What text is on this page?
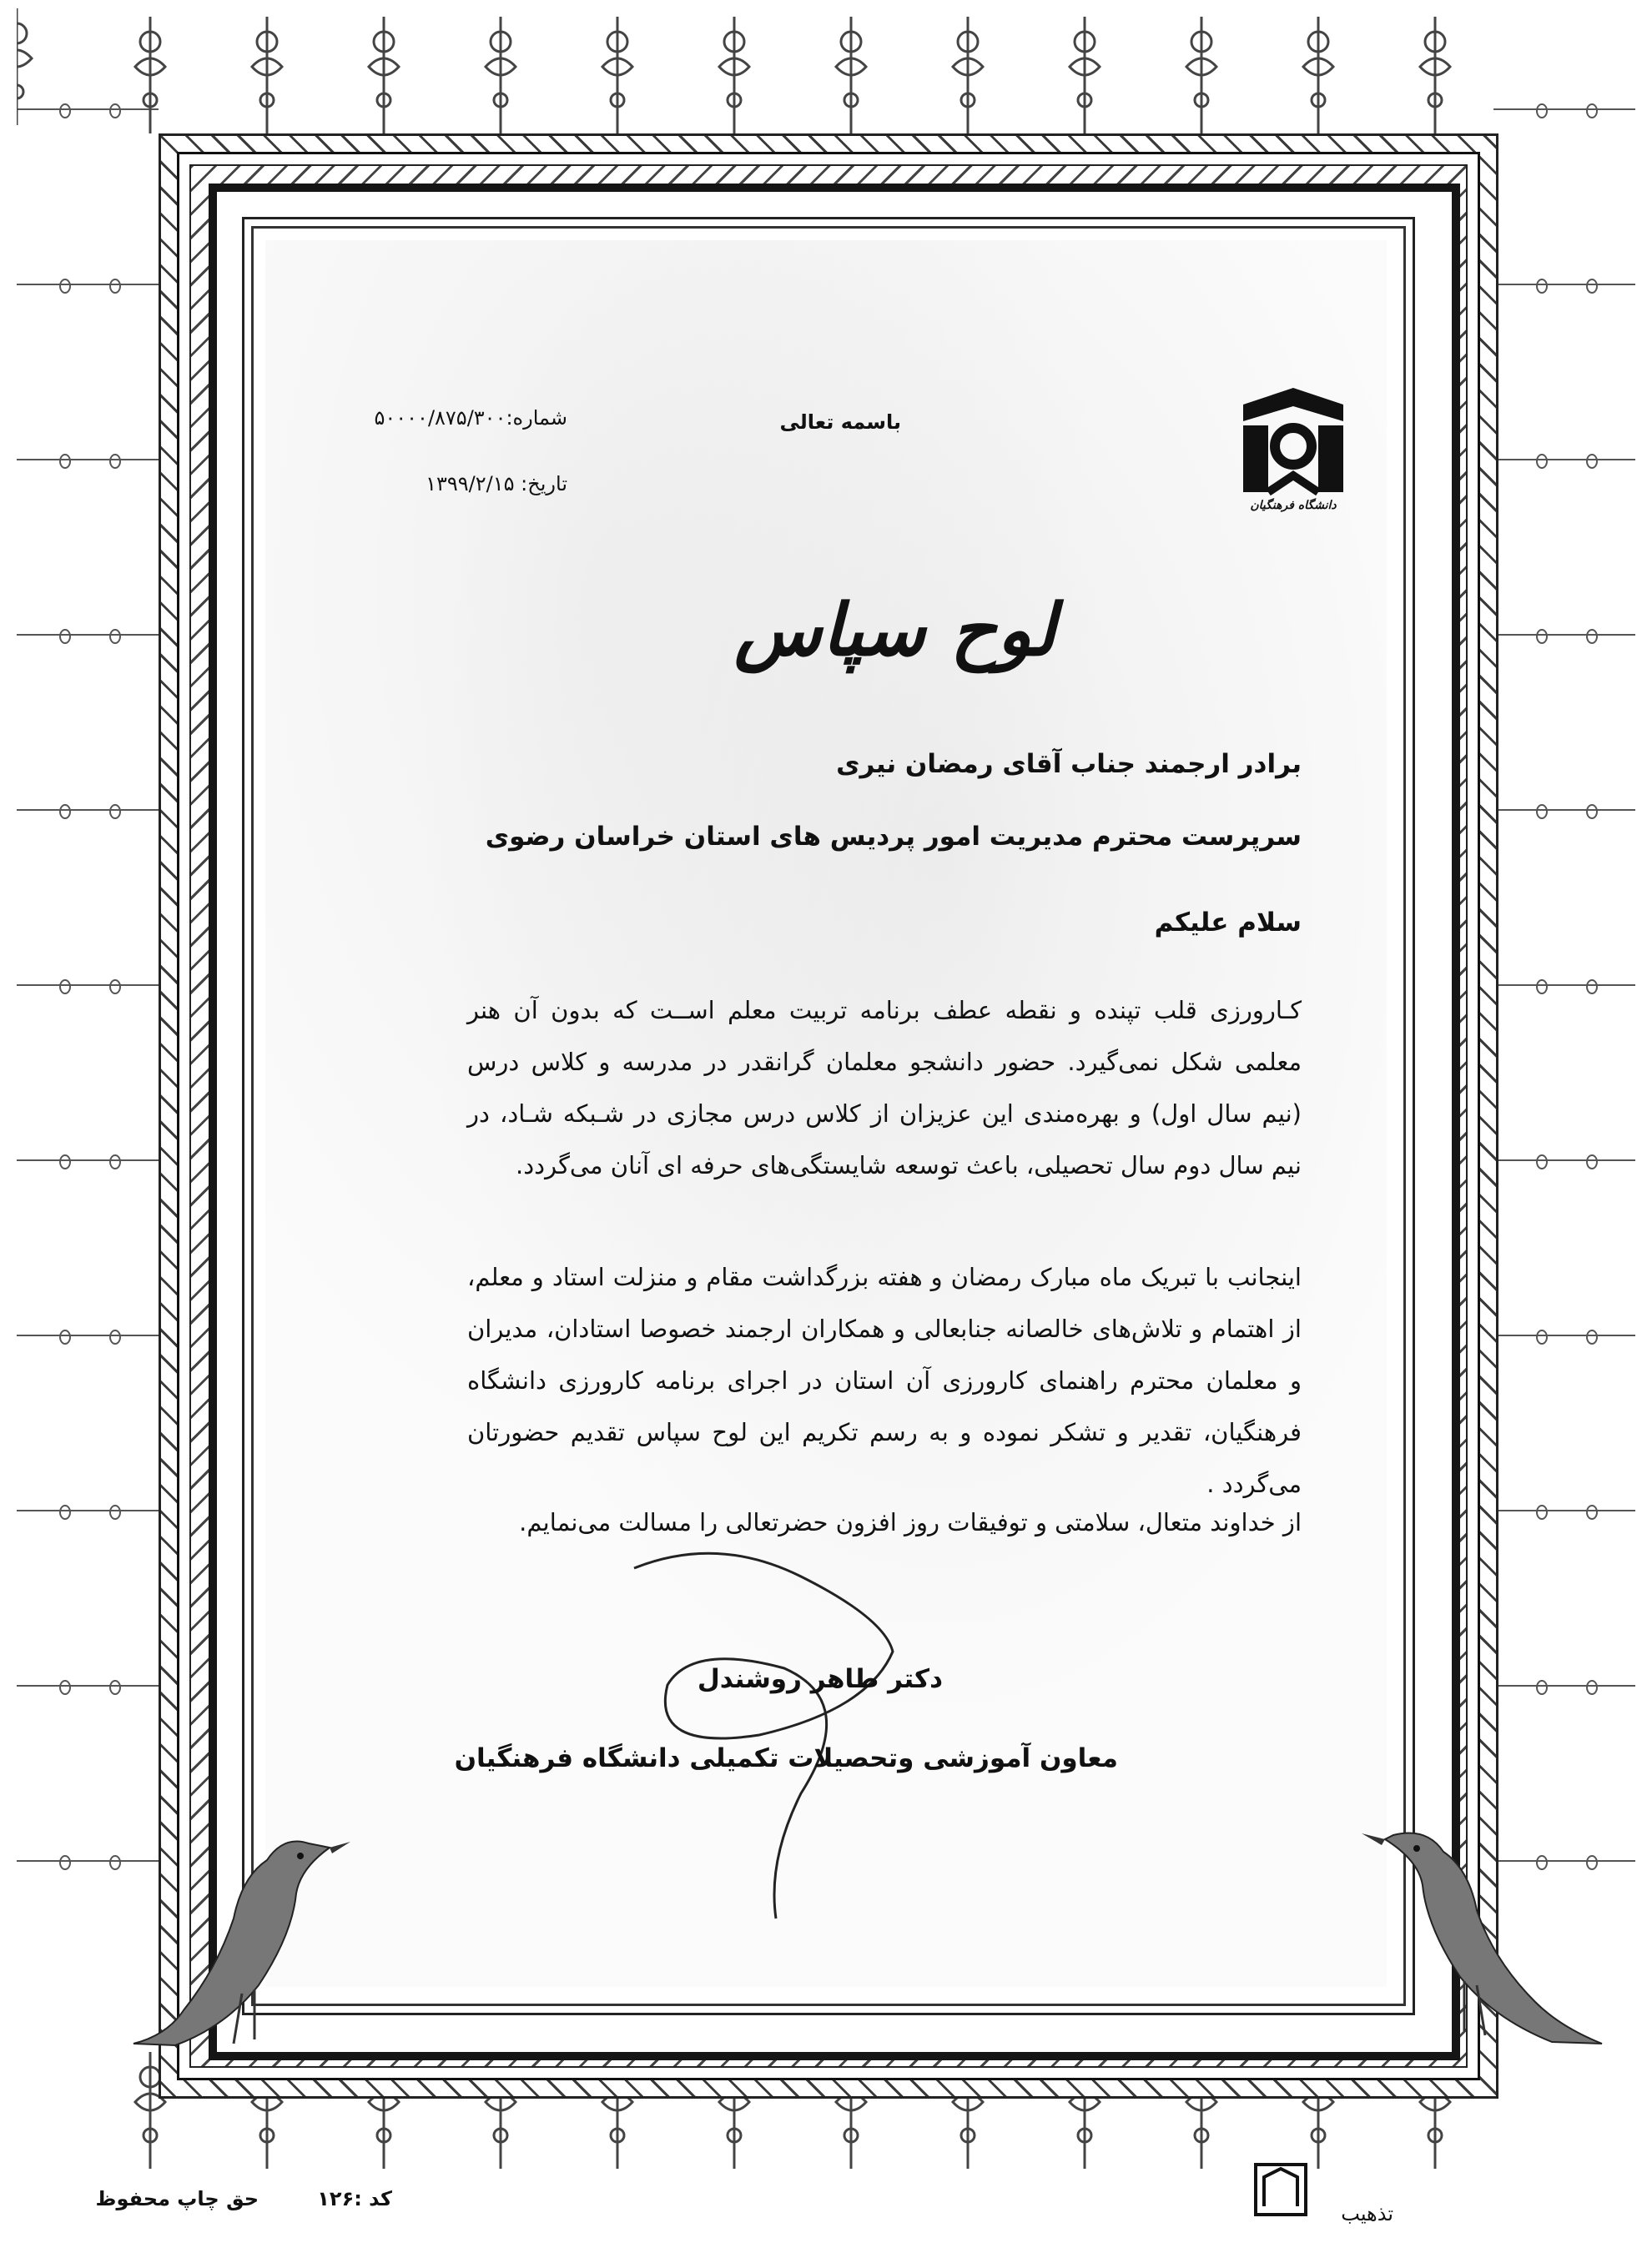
دانشگاه فرهنگیان
باسمه تعالی
شماره:۵۰۰۰۰/۸۷۵/۳۰۰
تاریخ: ۱۳۹۹/۲/۱۵
لوح سپاس
برادر ارجمند جناب آقای رمضان نیری
سرپرست محترم مدیریت امور پردیس های استان خراسان رضوی
سلام علیکم

کـارورزی قلب تپنده و نقطه عطف برنامه تربیت معلم اســت که بدون آن هنر معلمی شکل نمی‌گیرد. حضور دانشجو معلمان گرانقدر در مدرسه و کلاس درس (نیم سال اول) و بهره‌مندی این عزیزان از کلاس درس مجازی در شـبکه شـاد، در نیم سال دوم سال تحصیلی، باعث توسعه شایستگی‌های حرفه ای آنان می‌گردد.

اینجانب با تبریک ماه مبارک رمضان و هفته بزرگداشت مقام و منزلت استاد و معلم، از اهتمام و تلاش‌های خالصانه جنابعالی و همکاران ارجمند خصوصا استادان، مدیران و معلمان محترم راهنمای کارورزی آن استان در اجرای برنامه کارورزی دانشگاه فرهنگیان، تقدیر و تشکر نموده و به رسم تکریم این لوح سپاس تقدیم حضورتان می‌گردد .

از خداوند متعال، سلامتی و توفیقات روز افزون حضرتعالی را مسالت می‌نمایم.

دکتر طاهر روشندل
معاون آموزشی وتحصیلات تکمیلی دانشگاه فرهنگیان
حق چاپ محفوظ	کد :۱۲۶
تذهیب
